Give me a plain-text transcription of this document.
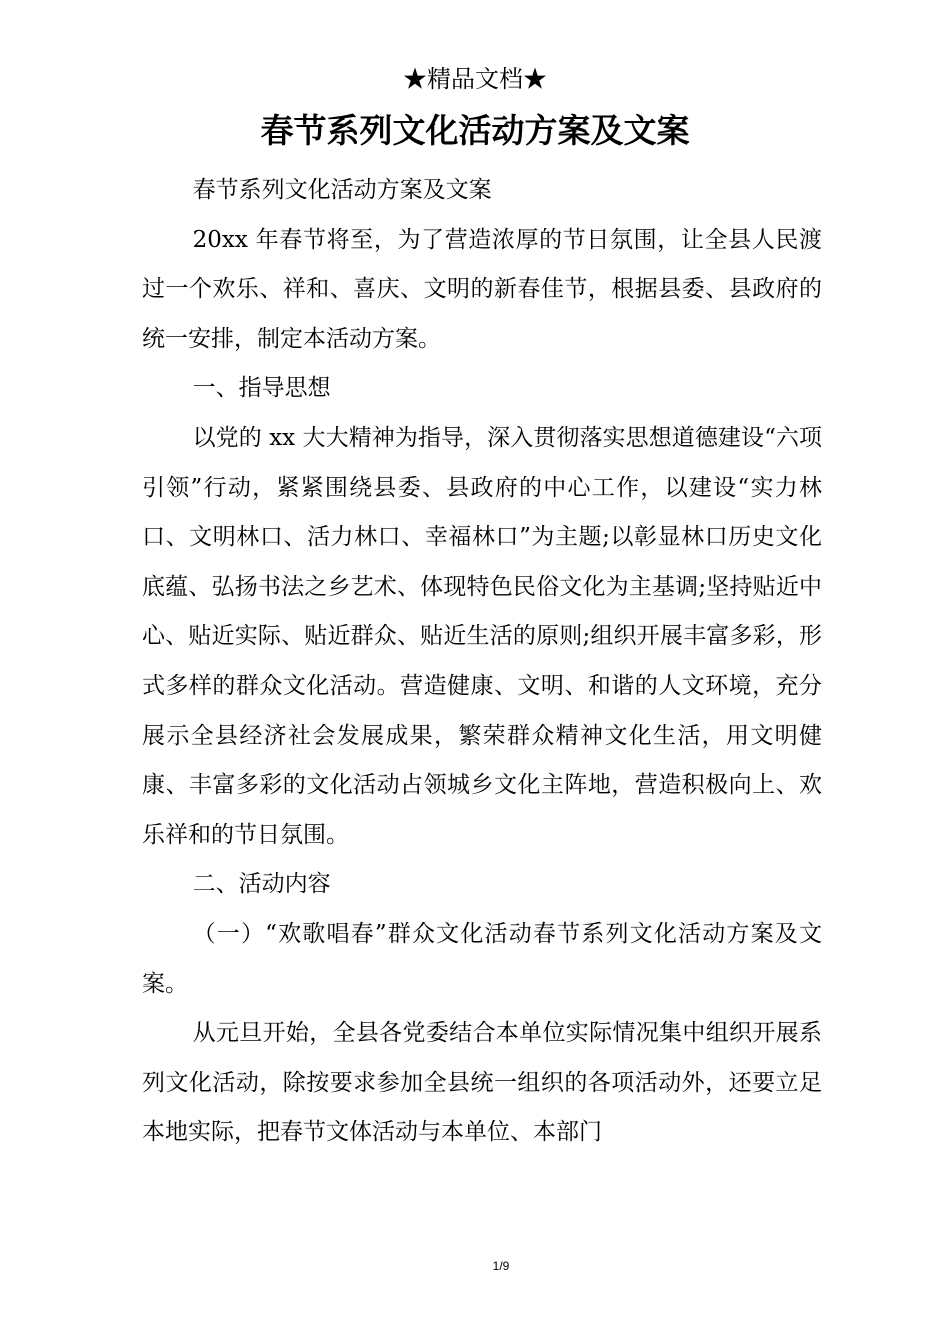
★精品文档★
春节系列文化活动方案及文案

春节系列文化活动方案及文案

20xx 年春节将至，为了营造浓厚的节日氛围，让全县人民渡过一个欢乐、祥和、喜庆、文明的新春佳节，根据县委、县政府的统一安排，制定本活动方案。

一、指导思想

以党的 xx 大大精神为指导，深入贯彻落实思想道德建设“六项引领”行动，紧紧围绕县委、县政府的中心工作，以建设“实力林口、文明林口、活力林口、幸福林口”为主题;以彰显林口历史文化底蕴、弘扬书法之乡艺术、体现特色民俗文化为主基调;坚持贴近中心、贴近实际、贴近群众、贴近生活的原则;组织开展丰富多彩，形式多样的群众文化活动。营造健康、文明、和谐的人文环境，充分展示全县经济社会发展成果，繁荣群众精神文化生活，用文明健康、丰富多彩的文化活动占领城乡文化主阵地，营造积极向上、欢乐祥和的节日氛围。

二、活动内容

（一）“欢歌唱春”群众文化活动春节系列文化活动方案及文案。

从元旦开始，全县各党委结合本单位实际情况集中组织开展系列文化活动，除按要求参加全县统一组织的各项活动外，还要立足本地实际，把春节文体活动与本单位、本部门

1/9
